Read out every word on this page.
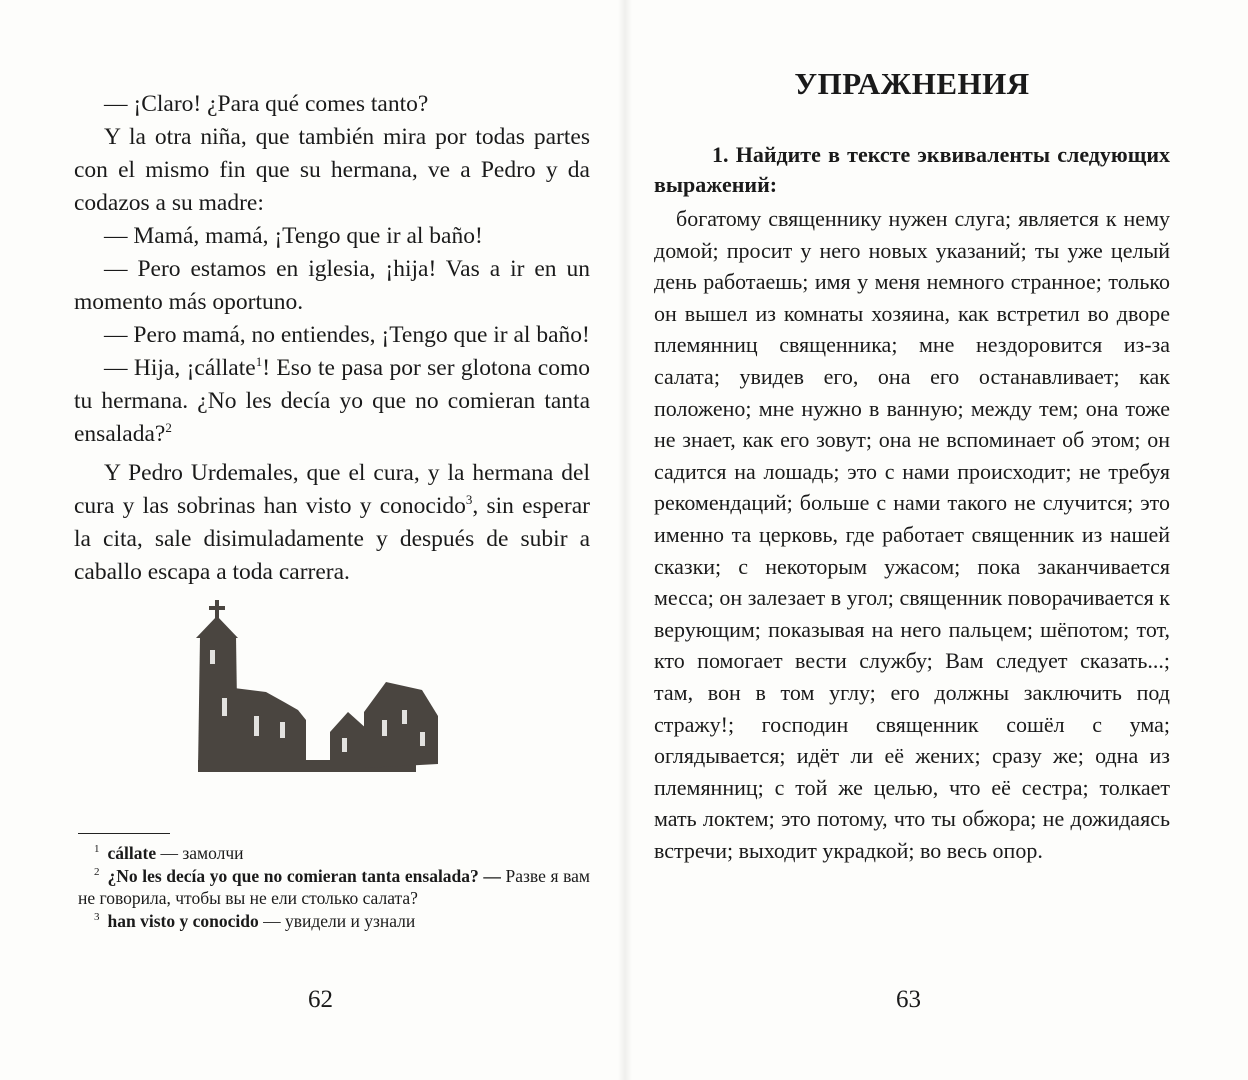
— ¡Claro! ¿Para qué comes tanto?

Y la otra niña, que también mira por todas partes con el mismo fin que su hermana, ve a Pedro y da codazos a su madre:

— Mamá, mamá, ¡Tengo que ir al baño!

— Pero estamos en iglesia, ¡hija! Vas a ir en un momento más oportuno.

— Pero mamá, no entiendes, ¡Tengo que ir al baño!

— Hija, ¡cállate$^1$! Eso te pasa por ser glotona como tu hermana. ¿No les decía yo que no comieran tanta ensalada?$^2$

Y Pedro Urdemales, que el cura, y la hermana del cura y las sobrinas han visto y conocido$^3$, sin esperar la cita, sale disimuladamente y después de subir a caballo escapa a toda carrera.

$^1$ cállate — замолчи

$^2$ ¿No les decía yo que no comieran tanta ensalada? — Разве я вам не говорила, чтобы вы не ели столько салата?

$^3$ han visto y conocido — увидели и узнали

62
УПРАЖНЕНИЯ

1. Найдите в тексте эквиваленты следующих выражений:

богатому священнику нужен слуга; является к нему домой; просит у него новых указаний; ты уже целый день работаешь; имя у меня немного странное; только он вышел из комнаты хозяина, как встретил во дворе племянниц священника; мне нездоровится из-за салата; увидев его, она его останавливает; как положено; мне нужно в ванную; между тем; она тоже не знает, как его зовут; она не вспоминает об этом; он садится на лошадь; это с нами происходит; не требуя рекомендаций; больше с нами такого не случится; это именно та церковь, где работает священник из нашей сказки; с некоторым ужасом; пока заканчивается месса; он залезает в угол; священник поворачивается к верующим; показывая на него пальцем; шёпотом; тот, кто помогает вести службу; Вам следует сказать...; там, вон в том углу; его должны заключить под стражу!; господин священник сошёл с ума; оглядывается; идёт ли её жених; сразу же; одна из племянниц; с той же целью, что её сестра; толкает мать локтем; это потому, что ты обжора; не дожидаясь встречи; выходит украдкой; во весь опор.

63
